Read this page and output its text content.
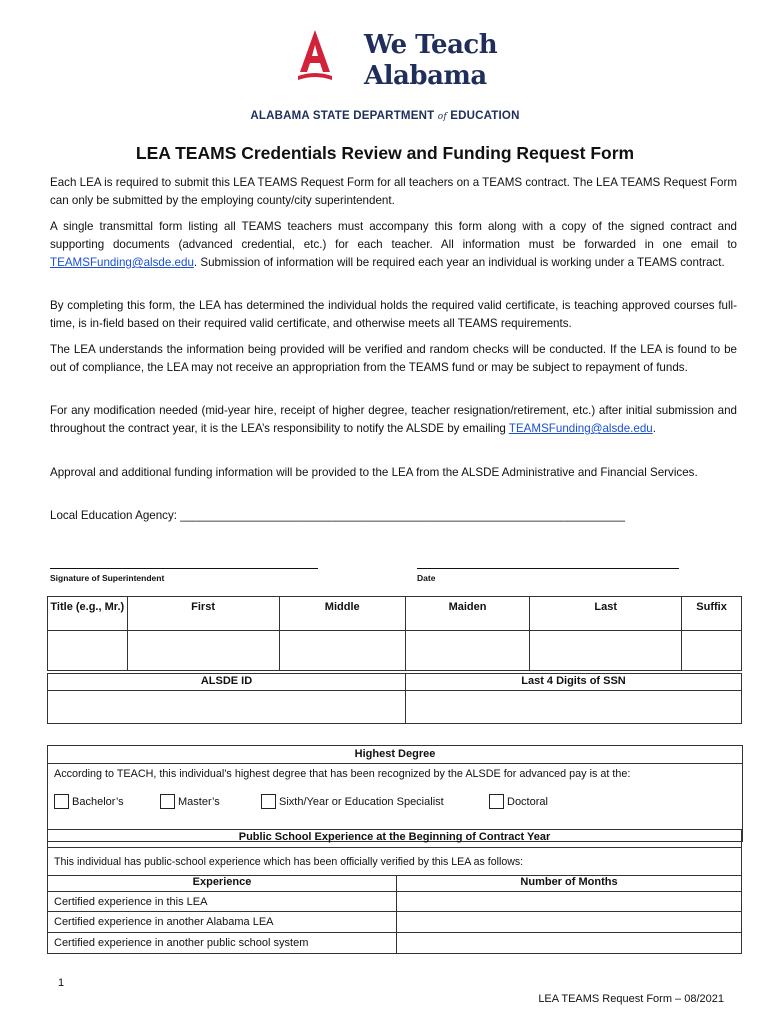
We Teach
Alabama
ALABAMA STATE DEPARTMENT of EDUCATION
LEA TEAMS Credentials Review and Funding Request Form

Each LEA is required to submit this LEA TEAMS Request Form for all teachers on a TEAMS contract. The LEA TEAMS Request Form can only be submitted by the employing county/city superintendent.

A single transmittal form listing all TEAMS teachers must accompany this form along with a copy of the signed contract and supporting documents (advanced credential, etc.) for each teacher. All information must be forwarded in one email to TEAMSFunding@alsde.edu. Submission of information will be required each year an individual is working under a TEAMS contract.

By completing this form, the LEA has determined the individual holds the required valid certificate, is teaching approved courses full-time, is in-field based on their required valid certificate, and otherwise meets all TEAMS requirements.

The LEA understands the information being provided will be verified and random checks will be conducted. If the LEA is found to be out of compliance, the LEA may not receive an appropriation from the TEAMS fund or may be subject to repayment of funds.

For any modification needed (mid-year hire, receipt of higher degree, teacher resignation/retirement, etc.) after initial submission and throughout the contract year, it is the LEA’s responsibility to notify the ALSDE by emailing TEAMSFunding@alsde.edu.

Approval and additional funding information will be provided to the LEA from the ALSDE Administrative and Financial Services.

Local Education Agency: _____________________________________________________________________
Signature of Superintendent	Date
Title (e.g., Mr.)	First	Middle	Maiden	Last	Suffix

ALSDE ID	Last 4 Digits of SSN

Highest Degree
According to TEACH, this individual’s highest degree that has been recognized by the ALSDE for advanced pay is at the:
Bachelor’s	Master’s	Sixth/Year or Education Specialist	Doctoral
Public School Experience at the Beginning of Contract Year	
This individual has public-school experience which has been officially verified by this LEA as follows:	
Experience	Number of Months
Certified experience in this LEA	
Certified experience in another Alabama LEA	
Certified experience in another public school system	
1
LEA TEAMS Request Form – 08/2021
